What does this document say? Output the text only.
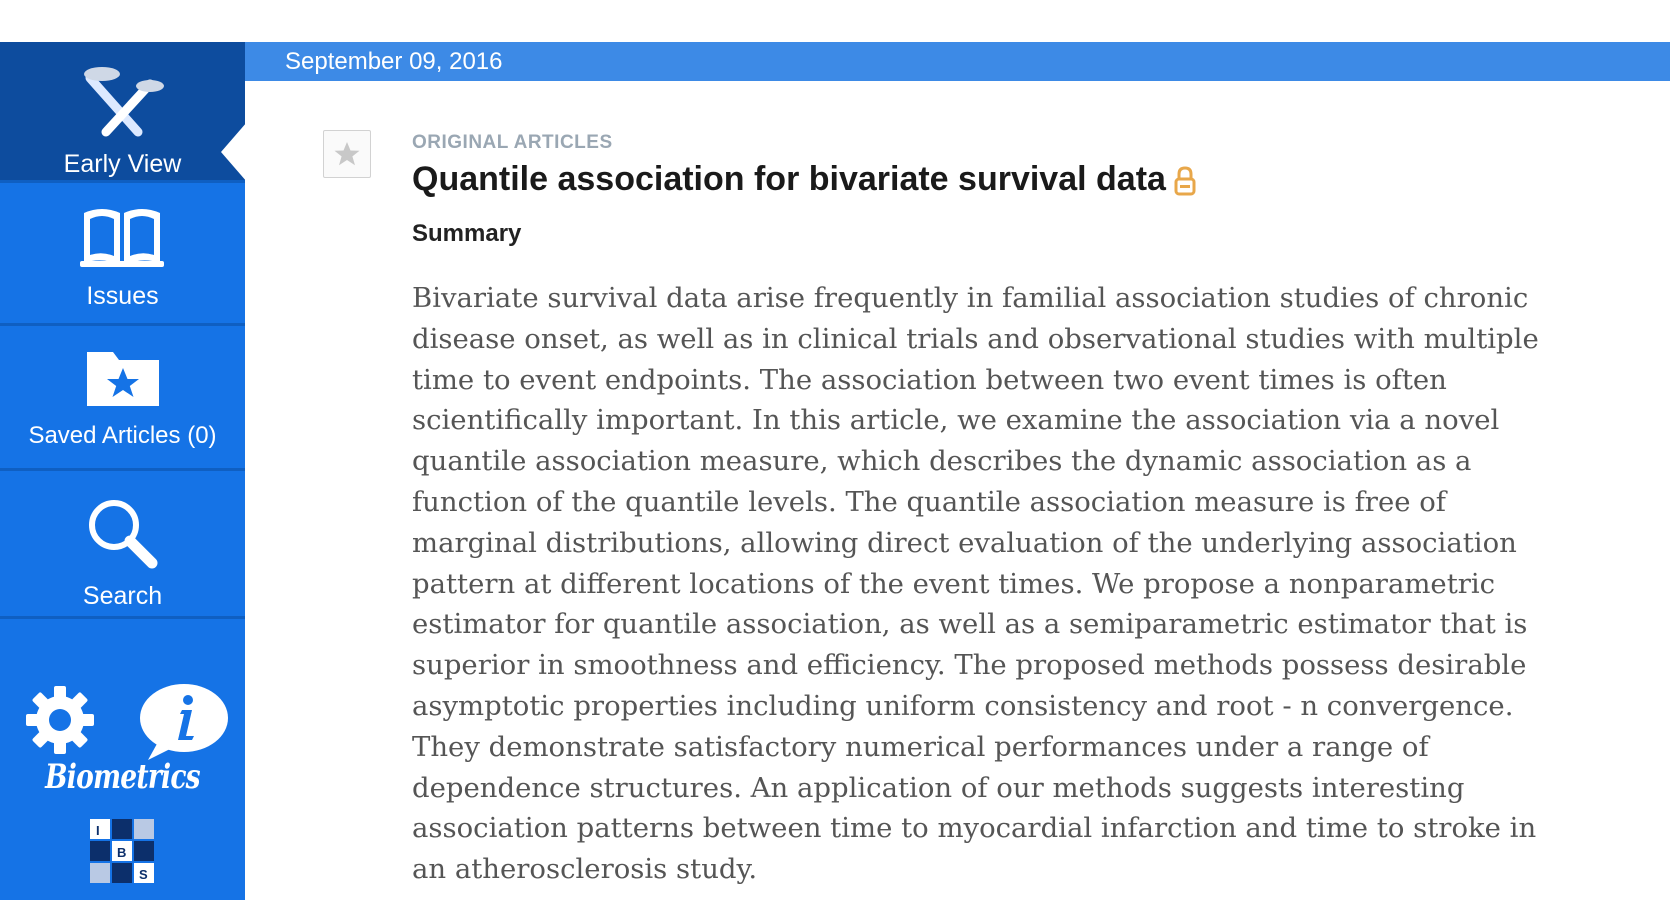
Early View
Issues
Saved Articles (0)
Search
Biometrics
I
B
S
September 09, 2016
ORIGINAL ARTICLES
Quantile association for bivariate survival data
Summary

Bivariate survival data arise frequently in familial association studies of chronic disease onset, as well as in clinical trials and observational studies with multiple time to event endpoints. The association between two event times is often scientifically important. In this article, we examine the association via a novel quantile association measure, which describes the dynamic association as a function of the quantile levels. The quantile association measure is free of marginal distributions, allowing direct evaluation of the underlying association pattern at different locations of the event times. We propose a nonparametric estimator for quantile association, as well as a semiparametric estimator that is superior in smoothness and efficiency. The proposed methods possess desirable asymptotic properties including uniform consistency and root - n convergence. They demonstrate satisfactory numerical performances under a range of dependence structures. An application of our methods suggests interesting association patterns between time to myocardial infarction and time to stroke in an atherosclerosis study.
